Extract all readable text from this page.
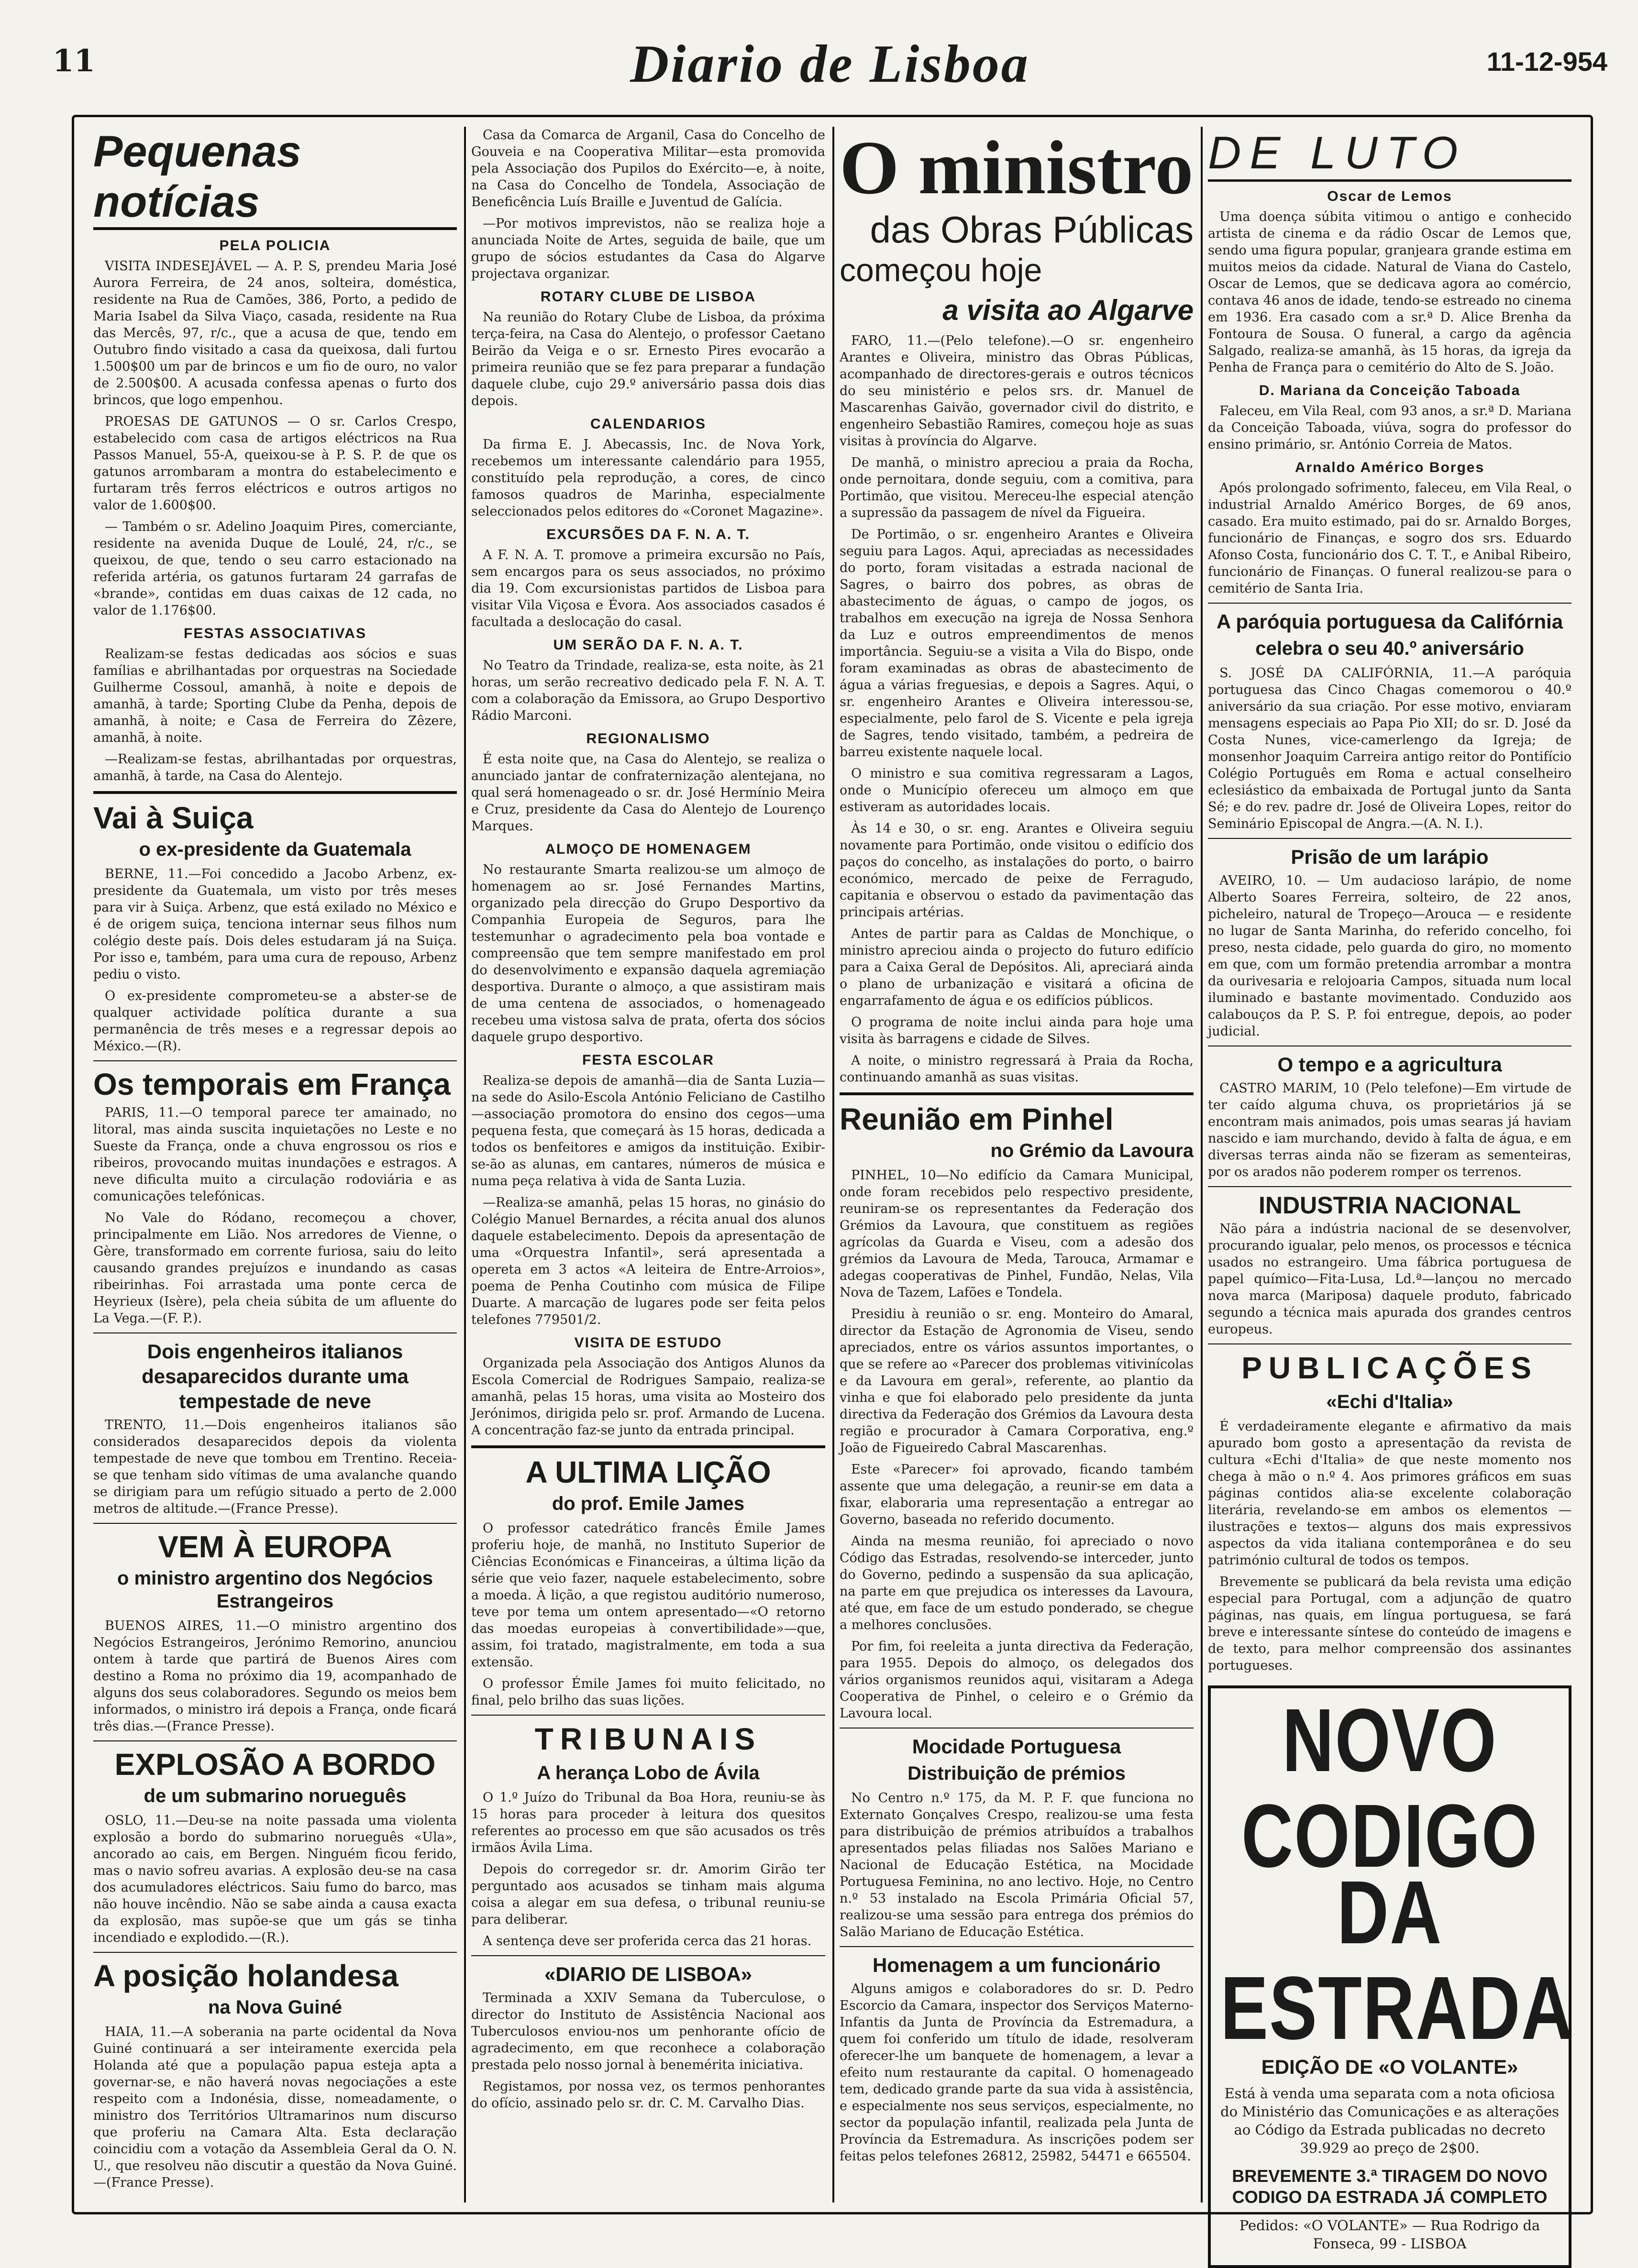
11	Diario de Lisboa	11-12-954
Pequenas notícias
PELA POLICIA

VISITA INDESEJÁVEL — A. P. S, prendeu Maria José Aurora Ferreira, de 24 anos, solteira, doméstica, residente na Rua de Camões, 386, Porto, a pedido de Maria Isabel da Silva Viaço, casada, residente na Rua das Mercês, 97, r/c., que a acusa de que, tendo em Outubro findo visitado a casa da queixosa, dali furtou 1.500$00 um par de brincos e um fio de ouro, no valor de 2.500$00. A acusada confessa apenas o furto dos brincos, que logo empenhou.

PROESAS DE GATUNOS — O sr. Carlos Crespo, estabelecido com casa de artigos eléctricos na Rua Passos Manuel, 55-A, queixou-se à P. S. P. de que os gatunos arrombaram a montra do estabelecimento e furtaram três ferros eléctricos e outros artigos no valor de 1.600$00.

— Também o sr. Adelino Joaquim Pires, comerciante, residente na avenida Duque de Loulé, 24, r/c., se queixou, de que, tendo o seu carro estacionado na referida artéria, os gatunos furtaram 24 garrafas de «brande», contidas em duas caixas de 12 cada, no valor de 1.176$00.

FESTAS ASSOCIATIVAS

Realizam-se festas dedicadas aos sócios e suas famílias e abrilhantadas por orquestras na Sociedade Guilherme Cossoul, amanhã, à noite e depois de amanhã, à tarde; Sporting Clube da Penha, depois de amanhã, à noite; e Casa de Ferreira do Zêzere, amanhã, à noite.

—Realizam-se festas, abrilhantadas por orquestras, amanhã, à tarde, na Casa do Alentejo.

Vai à Suiça
o ex-presidente da Guatemala

BERNE, 11.—Foi concedido a Jacobo Arbenz, ex-presidente da Guatemala, um visto por três meses para vir à Suiça. Arbenz, que está exilado no México e é de origem suiça, tenciona internar seus filhos num colégio deste país. Dois deles estudaram já na Suiça. Por isso e, também, para uma cura de repouso, Arbenz pediu o visto.

O ex-presidente comprometeu-se a abster-se de qualquer actividade política durante a sua permanência de três meses e a regressar depois ao México.—(R).

Os temporais em França

PARIS, 11.—O temporal parece ter amainado, no litoral, mas ainda suscita inquietações no Leste e no Sueste da França, onde a chuva engrossou os rios e ribeiros, provocando muitas inundações e estragos. A neve dificulta muito a circulação rodoviária e as comunicações telefónicas.

No Vale do Ródano, recomeçou a chover, principalmente em Lião. Nos arredores de Vienne, o Gère, transformado em corrente furiosa, saiu do leito causando grandes prejuízos e inundando as casas ribeirinhas. Foi arrastada uma ponte cerca de Heyrieux (Isère), pela cheia súbita de um afluente do La Vega.—(F. P.).

Dois engenheiros italianos desaparecidos durante uma tempestade de neve

TRENTO, 11.—Dois engenheiros italianos são considerados desaparecidos depois da violenta tempestade de neve que tombou em Trentino. Receia-se que tenham sido vítimas de uma avalanche quando se dirigiam para um refúgio situado a perto de 2.000 metros de altitude.—(France Presse).

VEM À EUROPA
o ministro argentino dos Negócios Estrangeiros

BUENOS AIRES, 11.—O ministro argentino dos Negócios Estrangeiros, Jerónimo Remorino, anunciou ontem à tarde que partirá de Buenos Aires com destino a Roma no próximo dia 19, acompanhado de alguns dos seus colaboradores. Segundo os meios bem informados, o ministro irá depois a França, onde ficará três dias.—(France Presse).

EXPLOSÃO A BORDO
de um submarino norueguês

OSLO, 11.—Deu-se na noite passada uma violenta explosão a bordo do submarino norueguês «Ula», ancorado ao cais, em Bergen. Ninguém ficou ferido, mas o navio sofreu avarias. A explosão deu-se na casa dos acumuladores eléctricos. Saiu fumo do barco, mas não houve incêndio. Não se sabe ainda a causa exacta da explosão, mas supõe-se que um gás se tinha incendiado e explodido.—(R.).

A posição holandesa
na Nova Guiné

HAIA, 11.—A soberania na parte ocidental da Nova Guiné continuará a ser inteiramente exercida pela Holanda até que a população papua esteja apta a governar-se, e não haverá novas negociações a este respeito com a Indonésia, disse, nomeadamente, o ministro dos Territórios Ultramarinos num discurso que proferiu na Camara Alta. Esta declaração coincidiu com a votação da Assembleia Geral da O. N. U., que resolveu não discutir a questão da Nova Guiné.—(France Presse).

Casa da Comarca de Arganil, Casa do Concelho de Gouveia e na Cooperativa Militar—esta promovida pela Associação dos Pupilos do Exército—e, à noite, na Casa do Concelho de Tondela, Associação de Beneficência Luís Braille e Juventud de Galícia.

—Por motivos imprevistos, não se realiza hoje a anunciada Noite de Artes, seguida de baile, que um grupo de sócios estudantes da Casa do Algarve projectava organizar.

ROTARY CLUBE DE LISBOA

Na reunião do Rotary Clube de Lisboa, da próxima terça-feira, na Casa do Alentejo, o professor Caetano Beirão da Veiga e o sr. Ernesto Pires evocarão a primeira reunião que se fez para preparar a fundação daquele clube, cujo 29.º aniversário passa dois dias depois.

CALENDARIOS

Da firma E. J. Abecassis, Inc. de Nova York, recebemos um interessante calendário para 1955, constituído pela reprodução, a cores, de cinco famosos quadros de Marinha, especialmente seleccionados pelos editores do «Coronet Magazine».

EXCURSÕES DA F. N. A. T.

A F. N. A. T. promove a primeira excursão no País, sem encargos para os seus associados, no próximo dia 19. Com excursionistas partidos de Lisboa para visitar Vila Viçosa e Évora. Aos associados casados é facultada a deslocação do casal.

UM SERÃO DA F. N. A. T.

No Teatro da Trindade, realiza-se, esta noite, às 21 horas, um serão recreativo dedicado pela F. N. A. T. com a colaboração da Emissora, ao Grupo Desportivo Rádio Marconi.

REGIONALISMO

É esta noite que, na Casa do Alentejo, se realiza o anunciado jantar de confraternização alentejana, no qual será homenageado o sr. dr. José Hermínio Meira e Cruz, presidente da Casa do Alentejo de Lourenço Marques.

ALMOÇO DE HOMENAGEM

No restaurante Smarta realizou-se um almoço de homenagem ao sr. José Fernandes Martins, organizado pela direcção do Grupo Desportivo da Companhia Europeia de Seguros, para lhe testemunhar o agradecimento pela boa vontade e compreensão que tem sempre manifestado em prol do desenvolvimento e expansão daquela agremiação desportiva. Durante o almoço, a que assistiram mais de uma centena de associados, o homenageado recebeu uma vistosa salva de prata, oferta dos sócios daquele grupo desportivo.

FESTA ESCOLAR

Realiza-se depois de amanhã—dia de Santa Luzia—na sede do Asilo-Escola António Feliciano de Castilho—associação promotora do ensino dos cegos—uma pequena festa, que começará às 15 horas, dedicada a todos os benfeitores e amigos da instituição. Exibir-se-ão as alunas, em cantares, números de música e numa peça relativa à vida de Santa Luzia.

—Realiza-se amanhã, pelas 15 horas, no ginásio do Colégio Manuel Bernardes, a récita anual dos alunos daquele estabelecimento. Depois da apresentação de uma «Orquestra Infantil», será apresentada a opereta em 3 actos «A leiteira de Entre-Arroios», poema de Penha Coutinho com música de Filipe Duarte. A marcação de lugares pode ser feita pelos telefones 779501/2.

VISITA DE ESTUDO

Organizada pela Associação dos Antigos Alunos da Escola Comercial de Rodrigues Sampaio, realiza-se amanhã, pelas 15 horas, uma visita ao Mosteiro dos Jerónimos, dirigida pelo sr. prof. Armando de Lucena. A concentração faz-se junto da entrada principal.

A ULTIMA LIÇÃO
do prof. Emile James

O professor catedrático francês Émile James proferiu hoje, de manhã, no Instituto Superior de Ciências Económicas e Financeiras, a última lição da série que veio fazer, naquele estabelecimento, sobre a moeda. À lição, a que registou auditório numeroso, teve por tema um ontem apresentado—«O retorno das moedas europeias à convertibilidade»—que, assim, foi tratado, magistralmente, em toda a sua extensão.

O professor Émile James foi muito felicitado, no final, pelo brilho das suas lições.

TRIBUNAIS
A herança Lobo de Ávila

O 1.º Juízo do Tribunal da Boa Hora, reuniu-se às 15 horas para proceder à leitura dos quesitos referentes ao processo em que são acusados os três irmãos Ávila Lima.

Depois do corregedor sr. dr. Amorim Girão ter perguntado aos acusados se tinham mais alguma coisa a alegar em sua defesa, o tribunal reuniu-se para deliberar.

A sentença deve ser proferida cerca das 21 horas.

«DIARIO DE LISBOA»

Terminada a XXIV Semana da Tuberculose, o director do Instituto de Assistência Nacional aos Tuberculosos enviou-nos um penhorante ofício de agradecimento, em que reconhece a colaboração prestada pelo nosso jornal à benemérita iniciativa.

Registamos, por nossa vez, os termos penhorantes do ofício, assinado pelo sr. dr. C. M. Carvalho Dias.

O ministro
das Obras Públicas
começou hoje
a visita ao Algarve

FARO, 11.—(Pelo telefone).—O sr. engenheiro Arantes e Oliveira, ministro das Obras Públicas, acompanhado de directores-gerais e outros técnicos do seu ministério e pelos srs. dr. Manuel de Mascarenhas Gaivão, governador civil do distrito, e engenheiro Sebastião Ramires, começou hoje as suas visitas à província do Algarve.

De manhã, o ministro apreciou a praia da Rocha, onde pernoitara, donde seguiu, com a comitiva, para Portimão, que visitou. Mereceu-lhe especial atenção a supressão da passagem de nível da Figueira.

De Portimão, o sr. engenheiro Arantes e Oliveira seguiu para Lagos. Aqui, apreciadas as necessidades do porto, foram visitadas a estrada nacional de Sagres, o bairro dos pobres, as obras de abastecimento de águas, o campo de jogos, os trabalhos em execução na igreja de Nossa Senhora da Luz e outros empreendimentos de menos importância. Seguiu-se a visita a Vila do Bispo, onde foram examinadas as obras de abastecimento de água a várias freguesias, e depois a Sagres. Aqui, o sr. engenheiro Arantes e Oliveira interessou-se, especialmente, pelo farol de S. Vicente e pela igreja de Sagres, tendo visitado, também, a pedreira de barreu existente naquele local.

O ministro e sua comitiva regressaram a Lagos, onde o Município ofereceu um almoço em que estiveram as autoridades locais.

Às 14 e 30, o sr. eng. Arantes e Oliveira seguiu novamente para Portimão, onde visitou o edifício dos paços do concelho, as instalações do porto, o bairro económico, mercado de peixe de Ferragudo, capitania e observou o estado da pavimentação das principais artérias.

Antes de partir para as Caldas de Monchique, o ministro apreciou ainda o projecto do futuro edifício para a Caixa Geral de Depósitos. Ali, apreciará ainda o plano de urbanização e visitará a oficina de engarrafamento de água e os edifícios públicos.

O programa de noite inclui ainda para hoje uma visita às barragens e cidade de Silves.

A noite, o ministro regressará à Praia da Rocha, continuando amanhã as suas visitas.

Reunião em Pinhel
no Grémio da Lavoura

PINHEL, 10—No edifício da Camara Municipal, onde foram recebidos pelo respectivo presidente, reuniram-se os representantes da Federação dos Grémios da Lavoura, que constituem as regiões agrícolas da Guarda e Viseu, com a adesão dos grémios da Lavoura de Meda, Tarouca, Armamar e adegas cooperativas de Pinhel, Fundão, Nelas, Vila Nova de Tazem, Lafões e Tondela.

Presidiu à reunião o sr. eng. Monteiro do Amaral, director da Estação de Agronomia de Viseu, sendo apreciados, entre os vários assuntos importantes, o que se refere ao «Parecer dos problemas vitivinícolas e da Lavoura em geral», referente, ao plantio da vinha e que foi elaborado pelo presidente da junta directiva da Federação dos Grémios da Lavoura desta região e procurador à Camara Corporativa, eng.º João de Figueiredo Cabral Mascarenhas.

Este «Parecer» foi aprovado, ficando também assente que uma delegação, a reunir-se em data a fixar, elaboraria uma representação a entregar ao Governo, baseada no referido documento.

Ainda na mesma reunião, foi apreciado o novo Código das Estradas, resolvendo-se interceder, junto do Governo, pedindo a suspensão da sua aplicação, na parte em que prejudica os interesses da Lavoura, até que, em face de um estudo ponderado, se chegue a melhores conclusões.

Por fim, foi reeleita a junta directiva da Federação, para 1955. Depois do almoço, os delegados dos vários organismos reunidos aqui, visitaram a Adega Cooperativa de Pinhel, o celeiro e o Grémio da Lavoura local.

Mocidade Portuguesa
Distribuição de prémios

No Centro n.º 175, da M. P. F. que funciona no Externato Gonçalves Crespo, realizou-se uma festa para distribuição de prémios atribuídos a trabalhos apresentados pelas filiadas nos Salões Mariano e Nacional de Educação Estética, na Mocidade Portuguesa Feminina, no ano lectivo. Hoje, no Centro n.º 53 instalado na Escola Primária Oficial 57, realizou-se uma sessão para entrega dos prémios do Salão Mariano de Educação Estética.

Homenagem a um funcionário

Alguns amigos e colaboradores do sr. D. Pedro Escorcio da Camara, inspector dos Serviços Materno-Infantis da Junta de Província da Estremadura, a quem foi conferido um título de idade, resolveram oferecer-lhe um banquete de homenagem, a levar a efeito num restaurante da capital. O homenageado tem, dedicado grande parte da sua vida à assistência, e especialmente nos seus serviços, especialmente, no sector da população infantil, realizada pela Junta de Província da Estremadura. As inscrições podem ser feitas pelos telefones 26812, 25982, 54471 e 665504.

DE LUTO
Oscar de Lemos

Uma doença súbita vitimou o antigo e conhecido artista de cinema e da rádio Oscar de Lemos que, sendo uma figura popular, granjeara grande estima em muitos meios da cidade. Natural de Viana do Castelo, Oscar de Lemos, que se dedicava agora ao comércio, contava 46 anos de idade, tendo-se estreado no cinema em 1936. Era casado com a sr.ª D. Alice Brenha da Fontoura de Sousa. O funeral, a cargo da agência Salgado, realiza-se amanhã, às 15 horas, da igreja da Penha de França para o cemitério do Alto de S. João.

D. Mariana da Conceição Taboada

Faleceu, em Vila Real, com 93 anos, a sr.ª D. Mariana da Conceição Taboada, viúva, sogra do professor do ensino primário, sr. António Correia de Matos.

Arnaldo Américo Borges

Após prolongado sofrimento, faleceu, em Vila Real, o industrial Arnaldo Américo Borges, de 69 anos, casado. Era muito estimado, pai do sr. Arnaldo Borges, funcionário de Finanças, e sogro dos srs. Eduardo Afonso Costa, funcionário dos C. T. T., e Anibal Ribeiro, funcionário de Finanças. O funeral realizou-se para o cemitério de Santa Iria.

A paróquia portuguesa da Califórnia
celebra o seu 40.º aniversário

S. JOSÉ DA CALIFÓRNIA, 11.—A paróquia portuguesa das Cinco Chagas comemorou o 40.º aniversário da sua criação. Por esse motivo, enviaram mensagens especiais ao Papa Pio XII; do sr. D. José da Costa Nunes, vice-camerlengo da Igreja; de monsenhor Joaquim Carreira antigo reitor do Pontifício Colégio Português em Roma e actual conselheiro eclesiástico da embaixada de Portugal junto da Santa Sé; e do rev. padre dr. José de Oliveira Lopes, reitor do Seminário Episcopal de Angra.—(A. N. I.).

Prisão de um larápio

AVEIRO, 10. — Um audacioso larápio, de nome Alberto Soares Ferreira, solteiro, de 22 anos, picheleiro, natural de Tropeço—Arouca — e residente no lugar de Santa Marinha, do referido concelho, foi preso, nesta cidade, pelo guarda do giro, no momento em que, com um formão pretendia arrombar a montra da ourivesaria e relojoaria Campos, situada num local iluminado e bastante movimentado. Conduzido aos calabouços da P. S. P. foi entregue, depois, ao poder judicial.

O tempo e a agricultura

CASTRO MARIM, 10 (Pelo telefone)—Em virtude de ter caído alguma chuva, os proprietários já se encontram mais animados, pois umas searas já haviam nascido e iam murchando, devido à falta de água, e em diversas terras ainda não se fizeram as sementeiras, por os arados não poderem romper os terrenos.

INDUSTRIA NACIONAL

Não pára a indústria nacional de se desenvolver, procurando igualar, pelo menos, os processos e técnica usados no estrangeiro. Uma fábrica portuguesa de papel químico—Fita-Lusa, Ld.ª—lançou no mercado nova marca (Mariposa) daquele produto, fabricado segundo a técnica mais apurada dos grandes centros europeus.

PUBLICAÇÕES
«Echi d'Italia»

É verdadeiramente elegante e afirmativo da mais apurado bom gosto a apresentação da revista de cultura «Echi d'Italia» de que neste momento nos chega à mão o n.º 4. Aos primores gráficos em suas páginas contidos alia-se excelente colaboração literária, revelando-se em ambos os elementos — ilustrações e textos— alguns dos mais expressivos aspectos da vida italiana contemporânea e do seu património cultural de todos os tempos.

Brevemente se publicará da bela revista uma edição especial para Portugal, com a adjunção de quatro páginas, nas quais, em língua portuguesa, se fará breve e interessante síntese do conteúdo de imagens e de texto, para melhor compreensão dos assinantes portugueses.

NOVO CODIGO
DA ESTRADA
EDIÇÃO DE «O VOLANTE»
Está à venda uma separata com a nota oficiosa do Ministério das Comunicações e as alterações ao Código da Estrada publicadas no decreto 39.929 ao preço de 2$00.
BREVEMENTE 3.ª TIRAGEM DO NOVO CODIGO DA ESTRADA JÁ COMPLETO
Pedidos: «O VOLANTE» — Rua Rodrigo da Fonseca, 99 - LISBOA
